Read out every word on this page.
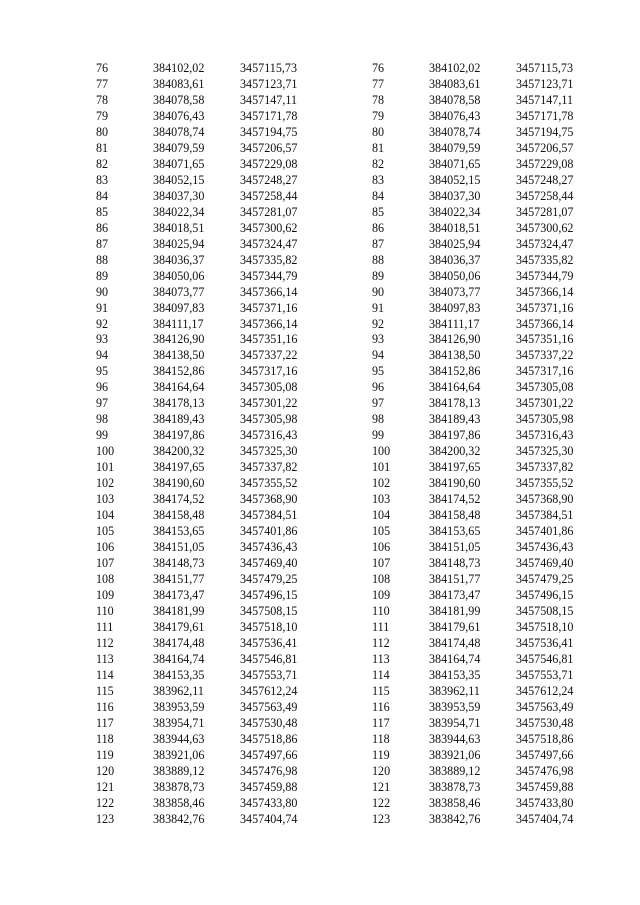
76	384102,02	3457115,73
77	384083,61	3457123,71
78	384078,58	3457147,11
79	384076,43	3457171,78
80	384078,74	3457194,75
81	384079,59	3457206,57
82	384071,65	3457229,08
83	384052,15	3457248,27
84	384037,30	3457258,44
85	384022,34	3457281,07
86	384018,51	3457300,62
87	384025,94	3457324,47
88	384036,37	3457335,82
89	384050,06	3457344,79
90	384073,77	3457366,14
91	384097,83	3457371,16
92	384111,17	3457366,14
93	384126,90	3457351,16
94	384138,50	3457337,22
95	384152,86	3457317,16
96	384164,64	3457305,08
97	384178,13	3457301,22
98	384189,43	3457305,98
99	384197,86	3457316,43
100	384200,32	3457325,30
101	384197,65	3457337,82
102	384190,60	3457355,52
103	384174,52	3457368,90
104	384158,48	3457384,51
105	384153,65	3457401,86
106	384151,05	3457436,43
107	384148,73	3457469,40
108	384151,77	3457479,25
109	384173,47	3457496,15
110	384181,99	3457508,15
111	384179,61	3457518,10
112	384174,48	3457536,41
113	384164,74	3457546,81
114	384153,35	3457553,71
115	383962,11	3457612,24
116	383953,59	3457563,49
117	383954,71	3457530,48
118	383944,63	3457518,86
119	383921,06	3457497,66
120	383889,12	3457476,98
121	383878,73	3457459,88
122	383858,46	3457433,80
123	383842,76	3457404,74
76	384102,02	3457115,73
77	384083,61	3457123,71
78	384078,58	3457147,11
79	384076,43	3457171,78
80	384078,74	3457194,75
81	384079,59	3457206,57
82	384071,65	3457229,08
83	384052,15	3457248,27
84	384037,30	3457258,44
85	384022,34	3457281,07
86	384018,51	3457300,62
87	384025,94	3457324,47
88	384036,37	3457335,82
89	384050,06	3457344,79
90	384073,77	3457366,14
91	384097,83	3457371,16
92	384111,17	3457366,14
93	384126,90	3457351,16
94	384138,50	3457337,22
95	384152,86	3457317,16
96	384164,64	3457305,08
97	384178,13	3457301,22
98	384189,43	3457305,98
99	384197,86	3457316,43
100	384200,32	3457325,30
101	384197,65	3457337,82
102	384190,60	3457355,52
103	384174,52	3457368,90
104	384158,48	3457384,51
105	384153,65	3457401,86
106	384151,05	3457436,43
107	384148,73	3457469,40
108	384151,77	3457479,25
109	384173,47	3457496,15
110	384181,99	3457508,15
111	384179,61	3457518,10
112	384174,48	3457536,41
113	384164,74	3457546,81
114	384153,35	3457553,71
115	383962,11	3457612,24
116	383953,59	3457563,49
117	383954,71	3457530,48
118	383944,63	3457518,86
119	383921,06	3457497,66
120	383889,12	3457476,98
121	383878,73	3457459,88
122	383858,46	3457433,80
123	383842,76	3457404,74
